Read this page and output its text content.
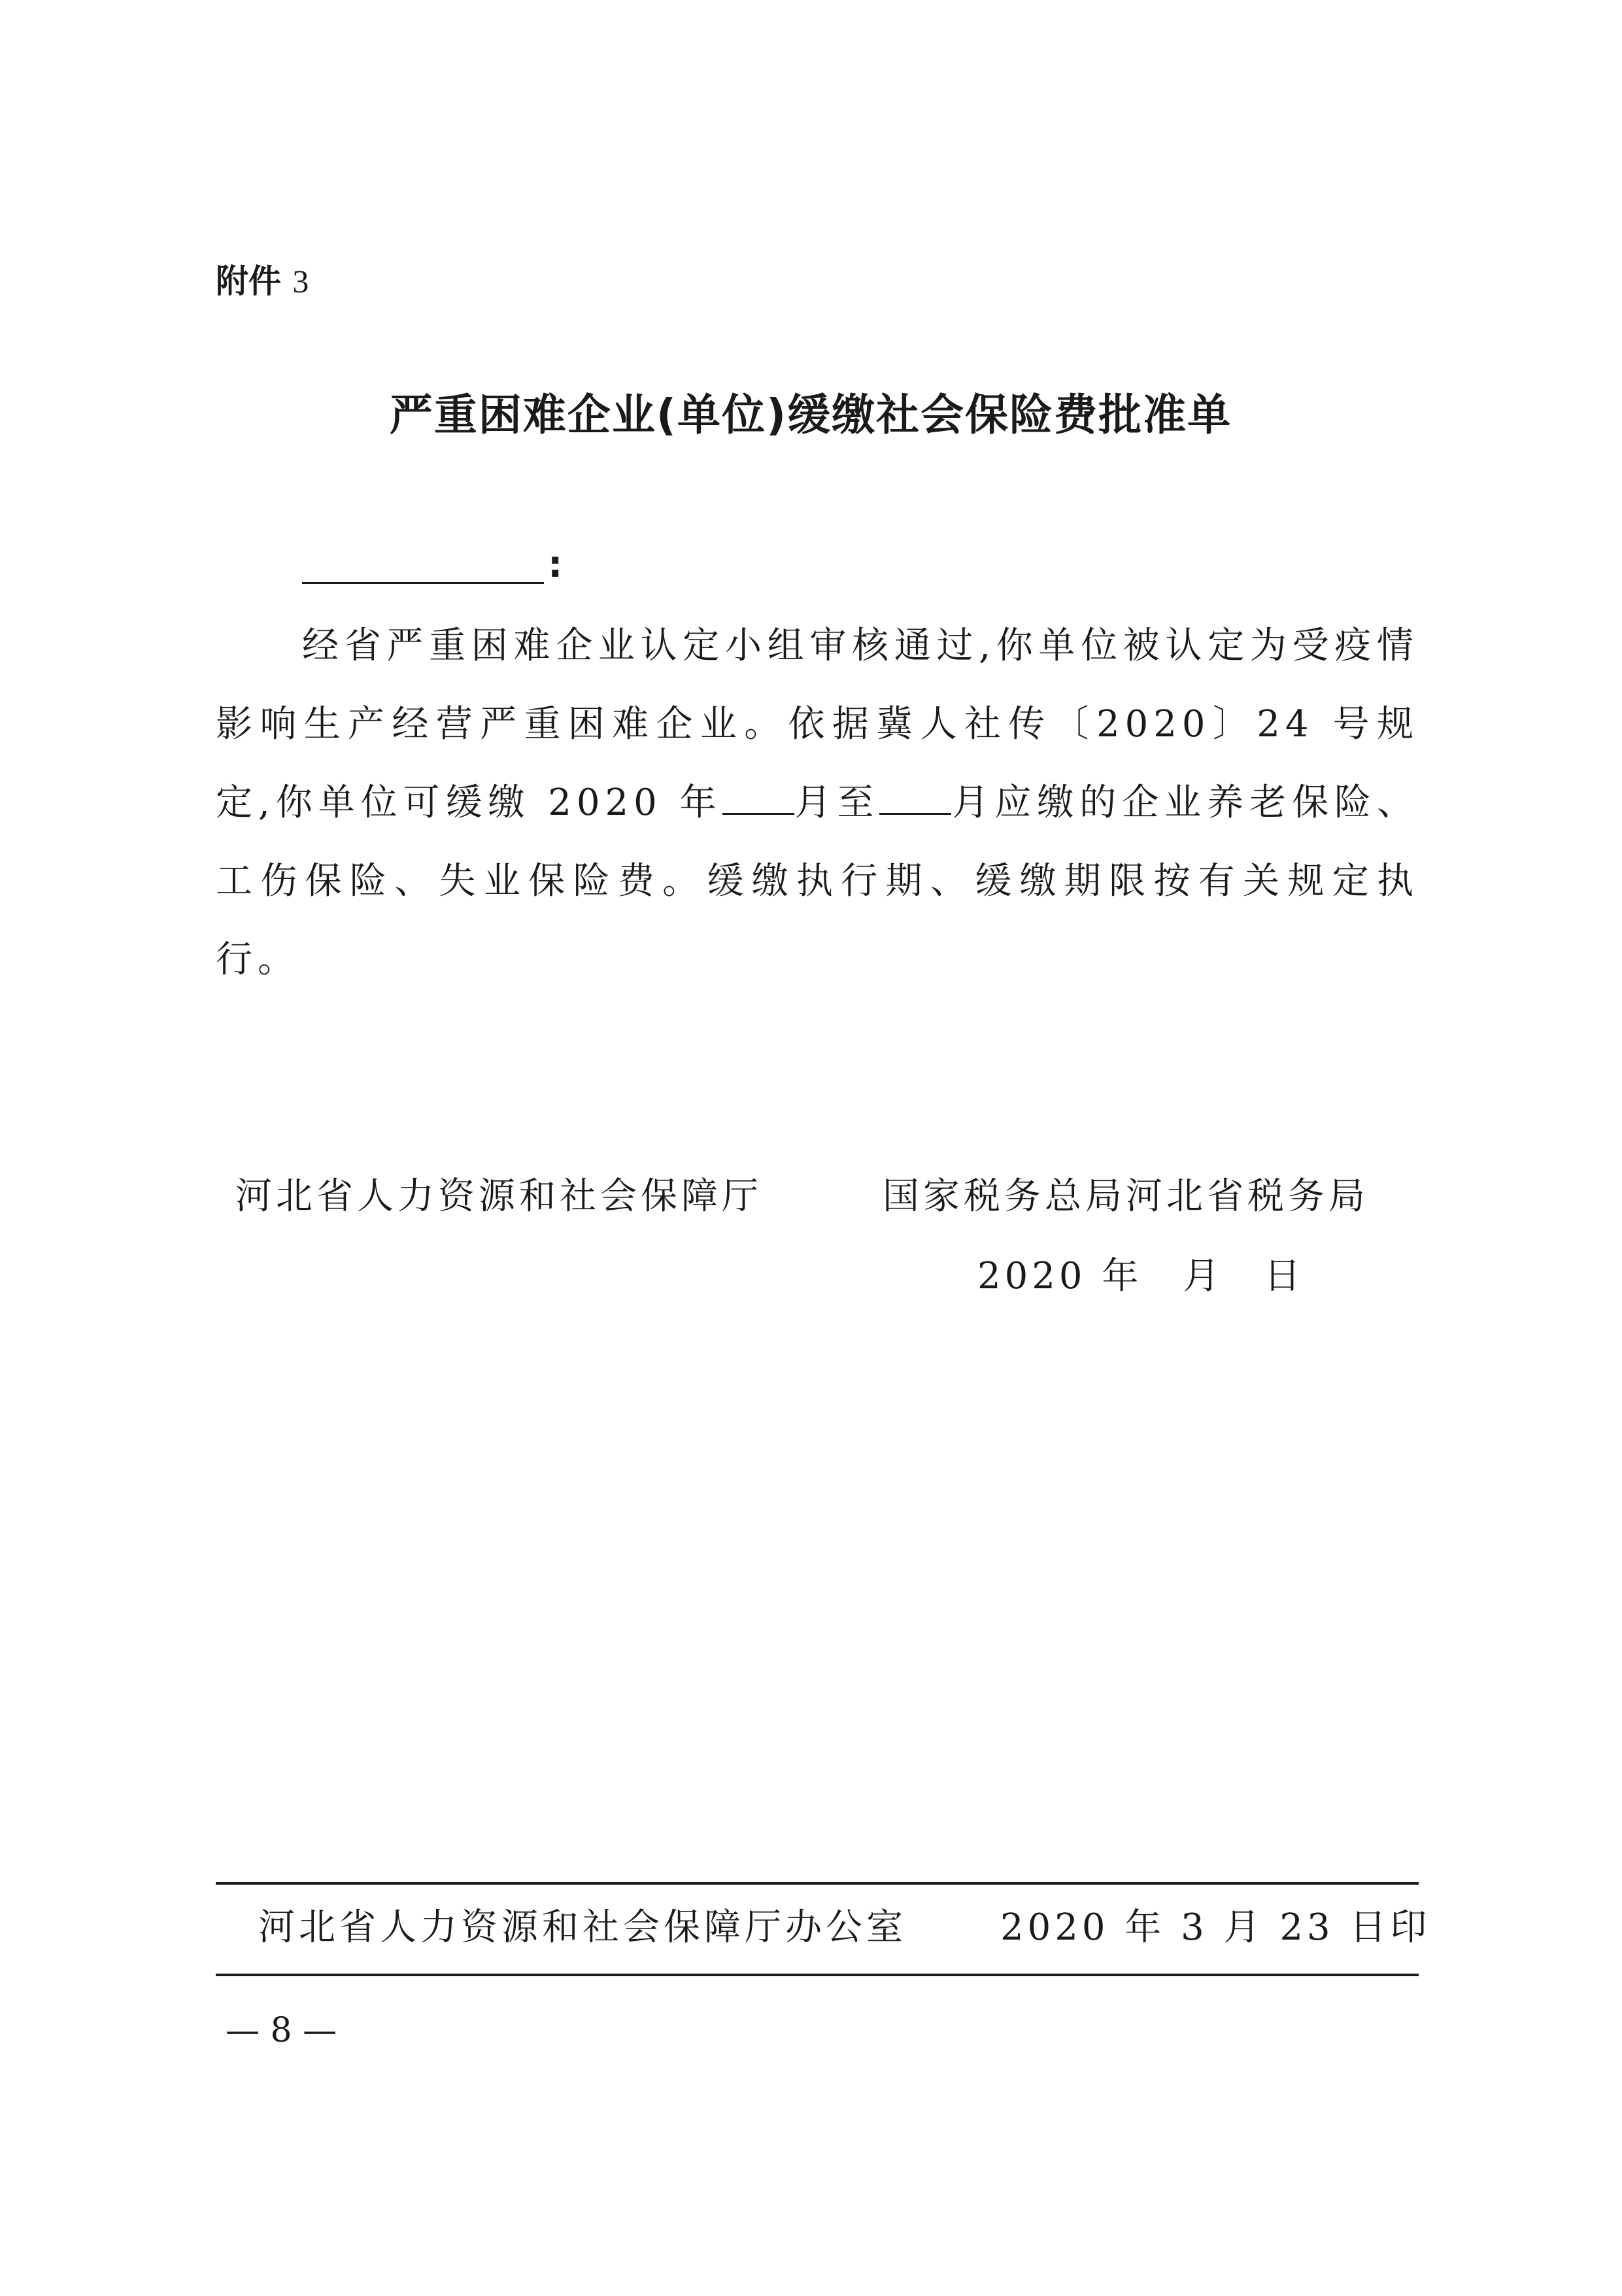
附件 3

严重困难企业(单位)缓缴社会保险费批准单
:

经省严重困难企业认定小组审核通过,你单位被认定为受疫情影响生产经营严重困难企业。依据冀人社传〔2020〕24 号规定,你单位可缓缴 2020 年 月至 月应缴的企业养老保险、工伤保险、失业保险费。缓缴执行期、缓缴期限按有关规定执行。

河北省人力资源和社会保障厅	国家税务总局河北省税务局
2020 年　月　日
河北省人力资源和社会保障厅办公室	2020 年 3 月 23 日印
— 8 —
